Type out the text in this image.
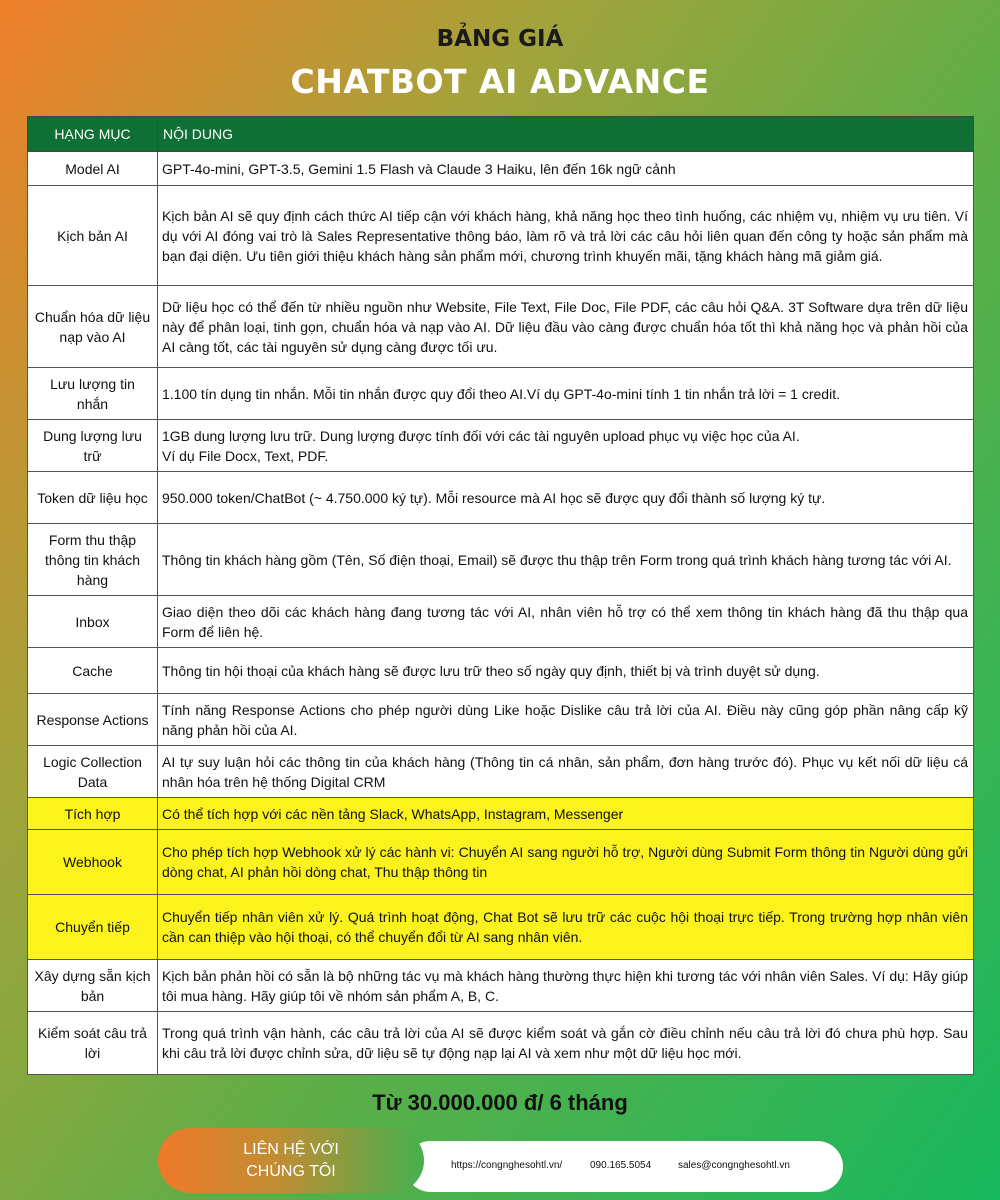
BẢNG GIÁ
CHATBOT AI ADVANCE
HẠNG MỤC	NỘI DUNG
Model AI	GPT-4o-mini, GPT-3.5, Gemini 1.5 Flash và Claude 3 Haiku, lên đến 16k ngữ cảnh
Kịch bản AI	Kịch bản AI sẽ quy định cách thức AI tiếp cận với khách hàng, khả năng học theo tình huống, các nhiệm vụ, nhiệm vụ ưu tiên. Ví dụ với AI đóng vai trò là Sales Representative thông báo, làm rõ và trả lời các câu hỏi liên quan đến công ty hoặc sản phẩm mà bạn đại diện. Ưu tiên giới thiệu khách hàng sản phẩm mới, chương trình khuyến mãi, tặng khách hàng mã giảm giá.
Chuẩn hóa dữ liệu nạp vào AI	Dữ liệu học có thể đến từ nhiều nguồn như Website, File Text, File Doc, File PDF, các câu hỏi Q&A. 3T Software dựa trên dữ liệu này để phân loại, tinh gọn, chuẩn hóa và nạp vào AI. Dữ liệu đầu vào càng được chuẩn hóa tốt thì khả năng học và phản hồi của AI càng tốt, các tài nguyên sử dụng càng được tối ưu.
Lưu lượng tin nhắn	1.100 tín dụng tin nhắn. Mỗi tin nhắn được quy đổi theo AI.Ví dụ GPT-4o-mini tính 1 tin nhắn trả lời = 1 credit.
Dung lượng lưu trữ	1GB dung lượng lưu trữ. Dung lượng được tính đối với các tài nguyên upload phục vụ việc học của AI.
Ví dụ File Docx, Text, PDF.
Token dữ liệu học	950.000 token/ChatBot (~ 4.750.000 ký tự). Mỗi resource mà AI học sẽ được quy đổi thành số lượng ký tự.
Form thu thập thông tin khách hàng	Thông tin khách hàng gồm (Tên, Số điện thoại, Email) sẽ được thu thập trên Form trong quá trình khách hàng tương tác với AI.
Inbox	Giao diện theo dõi các khách hàng đang tương tác với AI, nhân viên hỗ trợ có thể xem thông tin khách hàng đã thu thập qua Form để liên hệ.
Cache	Thông tin hội thoại của khách hàng sẽ được lưu trữ theo số ngày quy định, thiết bị và trình duyệt sử dụng.
Response Actions	Tính năng Response Actions cho phép người dùng Like hoặc Dislike câu trả lời của AI. Điều này cũng góp phần nâng cấp kỹ năng phản hồi của AI.
Logic Collection Data	AI tự suy luận hỏi các thông tin của khách hàng (Thông tin cá nhân, sản phẩm, đơn hàng trước đó). Phục vụ kết nối dữ liệu cá nhân hóa trên hệ thống Digital CRM
Tích hợp	Có thể tích hợp với các nền tảng Slack, WhatsApp, Instagram, Messenger
Webhook	Cho phép tích hợp Webhook xử lý các hành vi: Chuyển AI sang người hỗ trợ, Người dùng Submit Form thông tin Người dùng gửi dòng chat, AI phản hồi dòng chat, Thu thập thông tin
Chuyển tiếp	Chuyển tiếp nhân viên xử lý. Quá trình hoạt động, Chat Bot sẽ lưu trữ các cuộc hội thoại trực tiếp. Trong trường hợp nhân viên cần can thiệp vào hội thoại, có thể chuyển đổi từ AI sang nhân viên.
Xây dựng sẵn kịch bản	Kịch bản phản hồi có sẵn là bộ những tác vụ mà khách hàng thường thực hiện khi tương tác với nhân viên Sales. Ví dụ: Hãy giúp tôi mua hàng. Hãy giúp tôi về nhóm sản phẩm A, B, C.
Kiểm soát câu trả lời	Trong quá trình vận hành, các câu trả lời của AI sẽ được kiểm soát và gắn cờ điều chỉnh nếu câu trả lời đó chưa phù hợp. Sau khi câu trả lời được chỉnh sửa, dữ liệu sẽ tự động nạp lại AI và xem như một dữ liệu học mới.
Từ 30.000.000 đ/ 6 tháng
https://congnghesohtl.vn/	090.165.5054	sales@congnghesohtl.vn
LIÊN HỆ VỚI
CHÚNG TÔI
